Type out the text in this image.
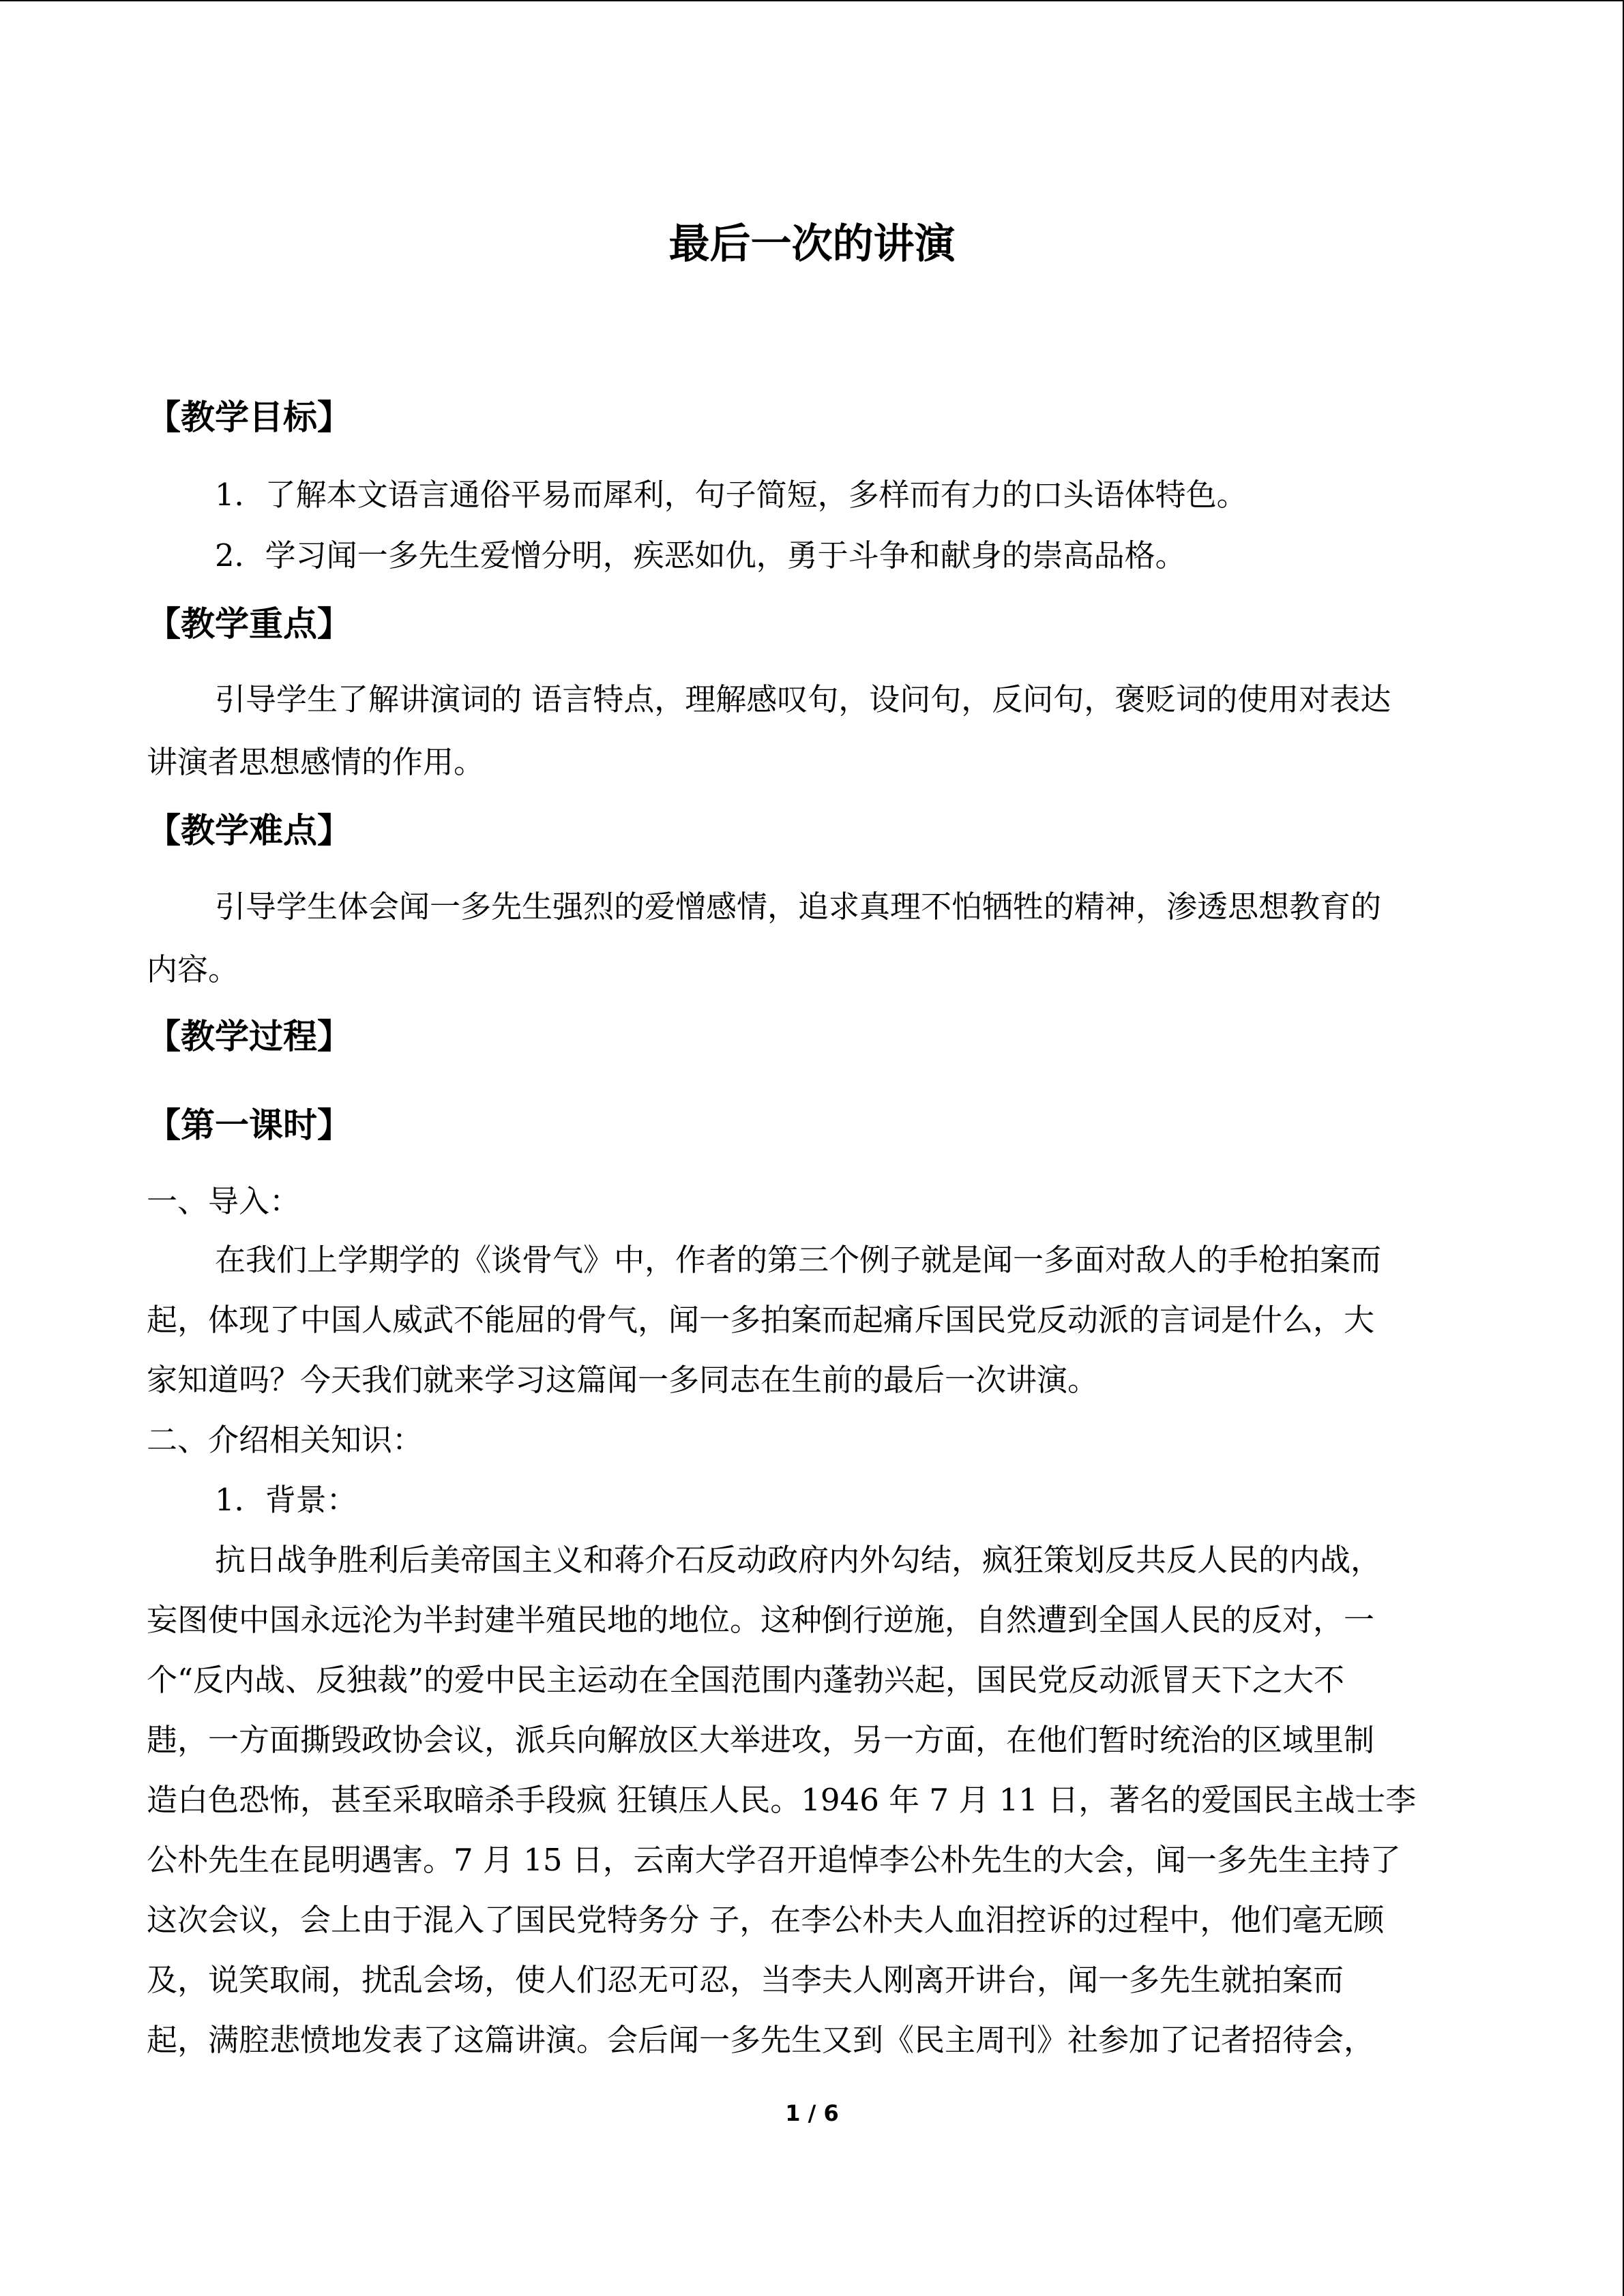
最后一次的讲演
【教学目标】
1．了解本文语言通俗平易而犀利，句子简短，多样而有力的口头语体特色。
2．学习闻一多先生爱憎分明，疾恶如仇，勇于斗争和献身的崇高品格。
【教学重点】
引导学生了解讲演词的 语言特点，理解感叹句，设问句，反问句，褒贬词的使用对表达
讲演者思想感情的作用。
【教学难点】
引导学生体会闻一多先生强烈的爱憎感情，追求真理不怕牺牲的精神，渗透思想教育的
内容。
【教学过程】
【第一课时】
一、导入：
在我们上学期学的《谈骨气》中，作者的第三个例子就是闻一多面对敌人的手枪拍案而
起，体现了中国人威武不能屈的骨气，闻一多拍案而起痛斥国民党反动派的言词是什么，大
家知道吗？今天我们就来学习这篇闻一多同志在生前的最后一次讲演。
二、介绍相关知识：
1．背景：
抗日战争胜利后美帝国主义和蒋介石反动政府内外勾结，疯狂策划反共反人民的内战，
妄图使中国永远沦为半封建半殖民地的地位。这种倒行逆施，自然遭到全国人民的反对，一
个“反内战、反独裁”的爱中民主运动在全国范围内蓬勃兴起，国民党反动派冒天下之大不
韪，一方面撕毁政协会议，派兵向解放区大举进攻，另一方面，在他们暂时统治的区域里制
造白色恐怖，甚至采取暗杀手段疯 狂镇压人民。1946 年 7 月 11 日，著名的爱国民主战士李
公朴先生在昆明遇害。7 月 15 日，云南大学召开追悼李公朴先生的大会，闻一多先生主持了
这次会议，会上由于混入了国民党特务分 子，在李公朴夫人血泪控诉的过程中，他们毫无顾
及，说笑取闹，扰乱会场，使人们忍无可忍，当李夫人刚离开讲台，闻一多先生就拍案而
起，满腔悲愤地发表了这篇讲演。会后闻一多先生又到《民主周刊》社参加了记者招待会，
1 / 6
